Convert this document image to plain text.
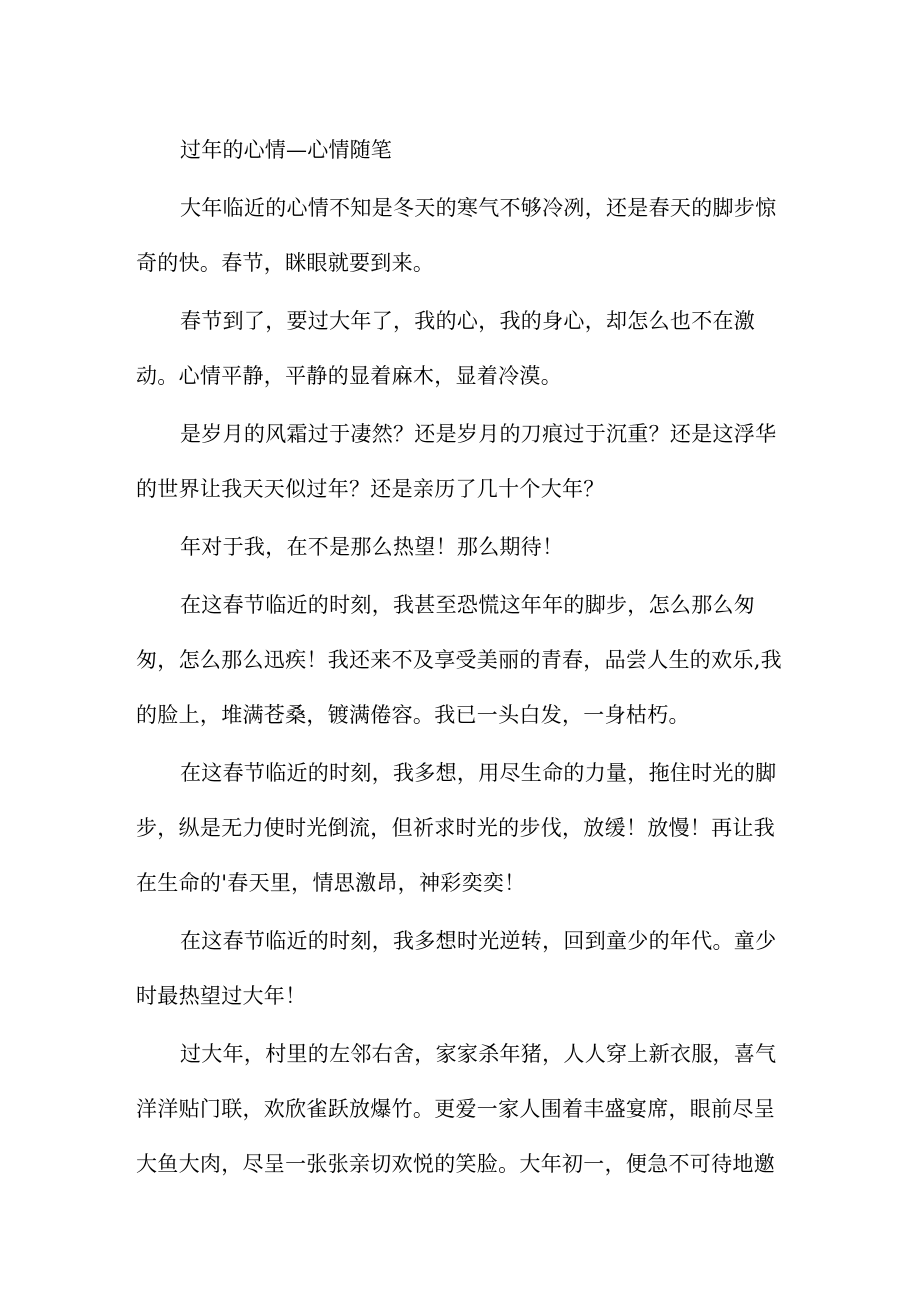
过年的心情—心情随笔

大年临近的心情不知是冬天的寒气不够冷冽，还是春天的脚步惊奇的快。春节，眯眼就要到来。

春节到了，要过大年了，我的心，我的身心，却怎么也不在激动。心情平静，平静的显着麻木，显着冷漠。

是岁月的风霜过于凄然？还是岁月的刀痕过于沉重？还是这浮华的世界让我天天似过年？还是亲历了几十个大年？

年对于我，在不是那么热望！那么期待！

在这春节临近的时刻，我甚至恐慌这年年的脚步，怎么那么匆匆，怎么那么迅疾！我还来不及享受美丽的青春，品尝人生的欢乐,我的脸上，堆满苍桑，镀满倦容。我已一头白发，一身枯朽。

在这春节临近的时刻，我多想，用尽生命的力量，拖住时光的脚步，纵是无力使时光倒流，但祈求时光的步伐，放缓！放慢！再让我在生命的'春天里，情思激昂，神彩奕奕！

在这春节临近的时刻，我多想时光逆转，回到童少的年代。童少时最热望过大年！

过大年，村里的左邻右舍，家家杀年猪，人人穿上新衣服，喜气洋洋贴门联，欢欣雀跃放爆竹。更爱一家人围着丰盛宴席，眼前尽呈大鱼大肉，尽呈一张张亲切欢悦的笑脸。大年初一，便急不可待地邀
